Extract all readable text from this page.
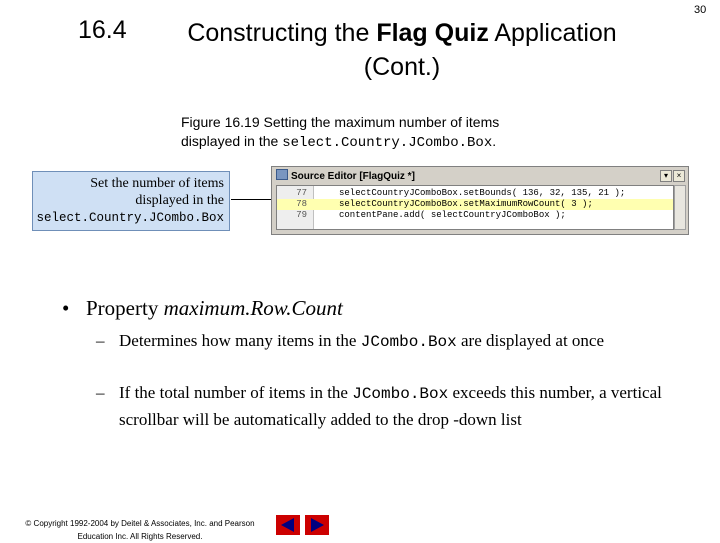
16.4	Constructing the Flag Quiz Application
(Cont.)
30
Figure 16.19 Setting the maximum number of items
displayed in the select.Country.JCombo.Box.
Set the number of items
displayed in the
select.Country.JCombo.Box
Source Editor [FlagQuiz *]	▾	×
77	selectCountryJComboBox.setBounds( 136, 32, 135, 21 );
78	selectCountryJComboBox.setMaximumRowCount( 3 );
79	contentPane.add( selectCountryJComboBox );
• Property maximum.Row.Count
– Determines how many items in the JCombo.Box are displayed at once
– If the total number of items in the JCombo.Box exceeds this number, a vertical scrollbar will be automatically added to the drop -down list
© Copyright 1992-2004 by Deitel & Associates, Inc. and Pearson
Education Inc. All Rights Reserved.
